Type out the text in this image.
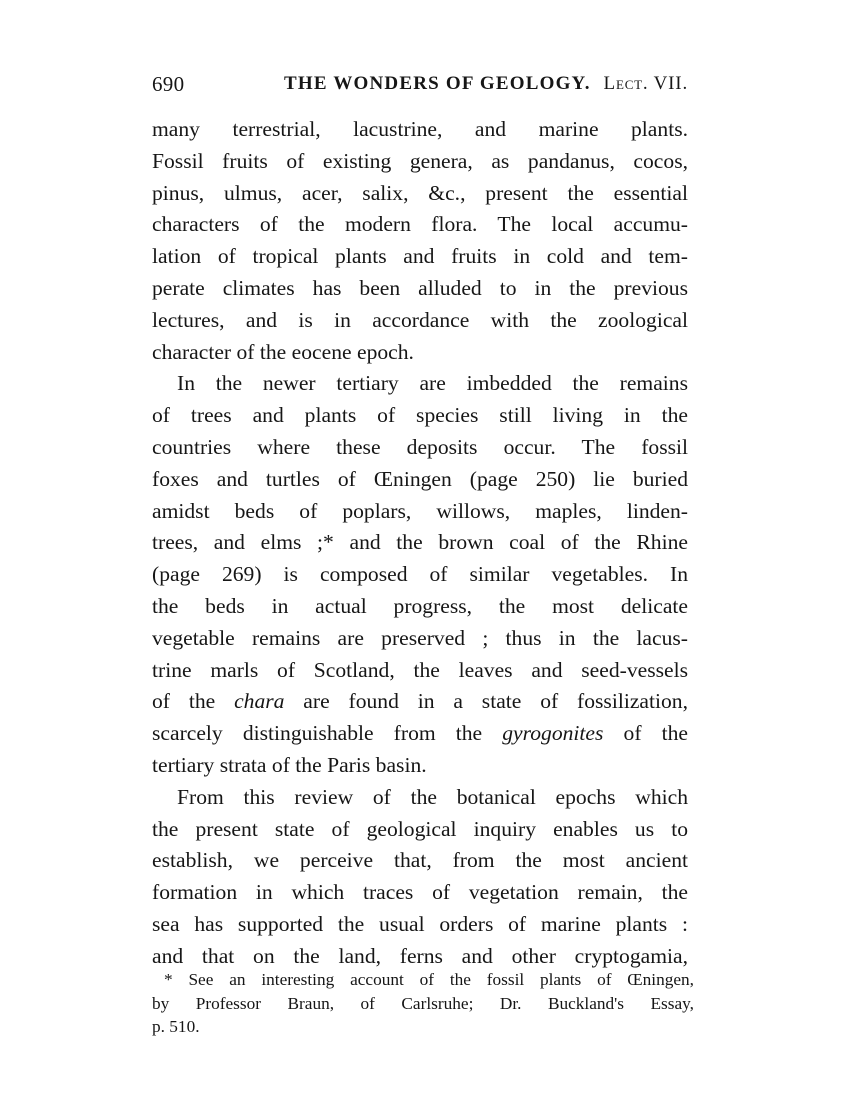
690	THE WONDERS OF GEOLOGY. Lect. VII.
many terrestrial, lacustrine, and marine plants.
Fossil fruits of existing genera, as pandanus, cocos,
pinus, ulmus, acer, salix, &c., present the essential
characters of the modern flora. The local accumu-
lation of tropical plants and fruits in cold and tem-
perate climates has been alluded to in the previous
lectures, and is in accordance with the zoological
character of the eocene epoch.
In the newer tertiary are imbedded the remains
of trees and plants of species still living in the
countries where these deposits occur. The fossil
foxes and turtles of Œningen (page 250) lie buried
amidst beds of poplars, willows, maples, linden-
trees, and elms ;* and the brown coal of the Rhine
(page 269) is composed of similar vegetables. In
the beds in actual progress, the most delicate
vegetable remains are preserved ; thus in the lacus-
trine marls of Scotland, the leaves and seed-vessels
of the chara are found in a state of fossilization,
scarcely distinguishable from the gyrogonites of the
tertiary strata of the Paris basin.
From this review of the botanical epochs which
the present state of geological inquiry enables us to
establish, we perceive that, from the most ancient
formation in which traces of vegetation remain, the
sea has supported the usual orders of marine plants :
and that on the land, ferns and other cryptogamia,
* See an interesting account of the fossil plants of Œningen,
by Professor Braun, of Carlsruhe; Dr. Buckland's Essay,
p. 510.
